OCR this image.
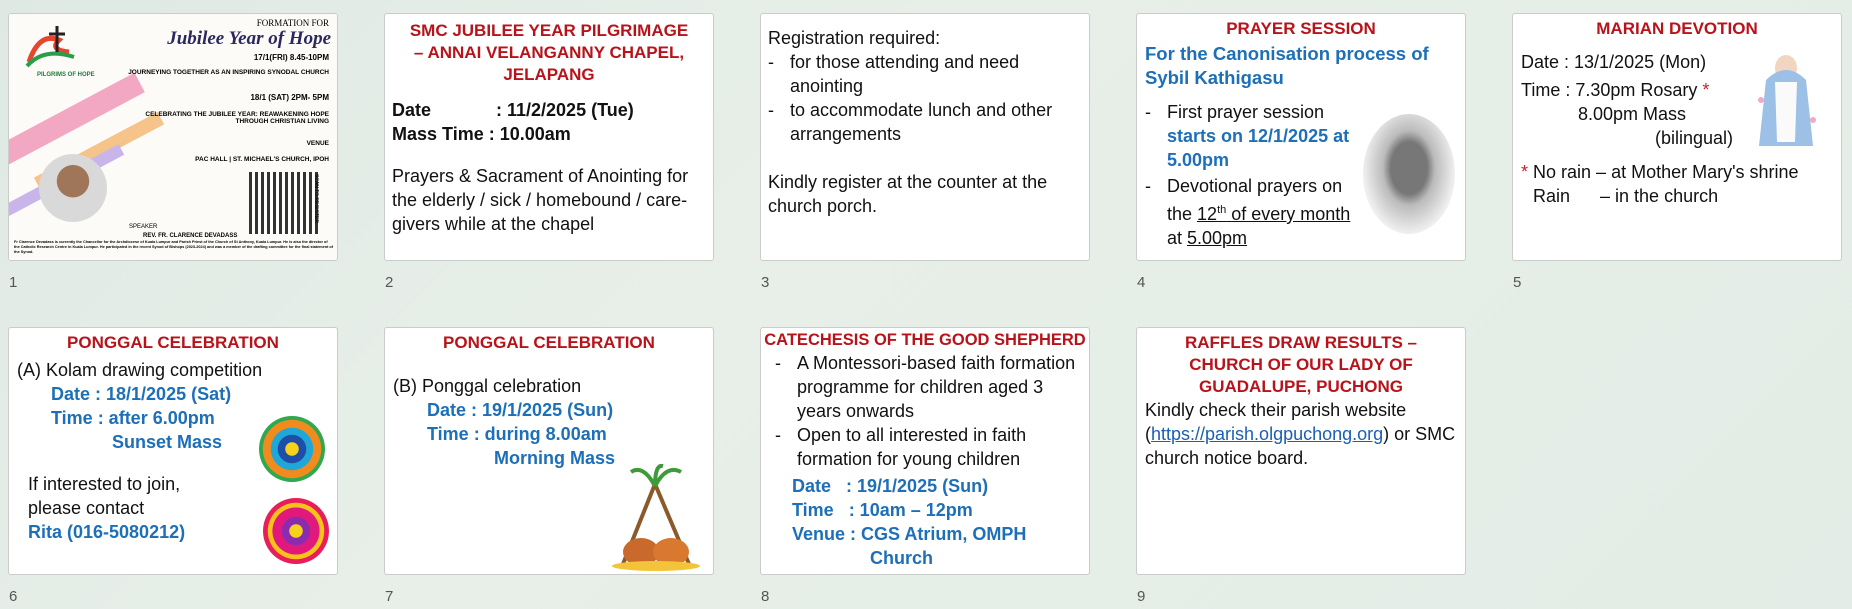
PILGRIMS OF HOPE
FORMATION FOR
Jubilee Year of Hope
17/1(FRI) 8.45-10PM
JOURNEYING TOGETHER AS AN INSPIRING SYNODAL CHURCH
18/1 (SAT) 2PM- 5PM
CELEBRATING THE JUBILEE YEAR: REAWAKENING HOPE THROUGH CHRISTIAN LIVING
VENUE
PAC HALL | ST. MICHAEL'S CHURCH, IPOH
SCAN TO REGISTER
SPEAKER
REV. FR. CLARENCE DEVADASS
Fr Clarence Devadass is currently the Chancellor for the Archdiocese of Kuala Lumpur and Parish Priest of the Church of St Anthony, Kuala Lumpur. He is also the director of the Catholic Research Centre in Kuala Lumpur. He participated in the recent Synod of Bishops (2023-2024) and was a member of the drafting committee for the final statement of the Synod.
1
SMC JUBILEE YEAR PILGRIMAGE – ANNAI VELANGANNY CHAPEL, JELAPANG
Date	: 11/2/2025 (Tue)
Mass Time : 10.00am
Prayers & Sacrament of Anointing for the elderly / sick / homebound / care-givers while at the chapel
2
Registration required:
- for those attending and need anointing
- to accommodate lunch and other arrangements
Kindly register at the counter at the church porch.
3
PRAYER SESSION
For the Canonisation process of Sybil Kathigasu
- First prayer session
starts on 12/1/2025 at 5.00pm
- Devotional prayers on the 12th of every month at 5.00pm
4
MARIAN DEVOTION
Date : 13/1/2025 (Mon)
Time : 7.30pm Rosary *
8.00pm Mass
(bilingual)
* No rain – at Mother Mary's shrine
Rain      – in the church
5
PONGGAL CELEBRATION
(A) Kolam drawing competition
Date : 18/1/2025 (Sat)
Time : after 6.00pm
Sunset Mass
If interested to join,
please contact
Rita (016-5080212)
6
PONGGAL CELEBRATION
(B) Ponggal celebration
Date : 19/1/2025 (Sun)
Time : during 8.00am
Morning Mass
7
CATECHESIS OF THE GOOD SHEPHERD
- A Montessori-based faith formation programme for children aged 3 years onwards
- Open to all interested in faith formation for young children
Date   : 19/1/2025 (Sun)
Time   : 10am – 12pm
Venue : CGS Atrium, OMPH
Church
8
RAFFLES DRAW RESULTS – CHURCH OF OUR LADY OF GUADALUPE, PUCHONG
Kindly check their parish website (https://parish.olgpuchong.org) or SMC church notice board.
9
